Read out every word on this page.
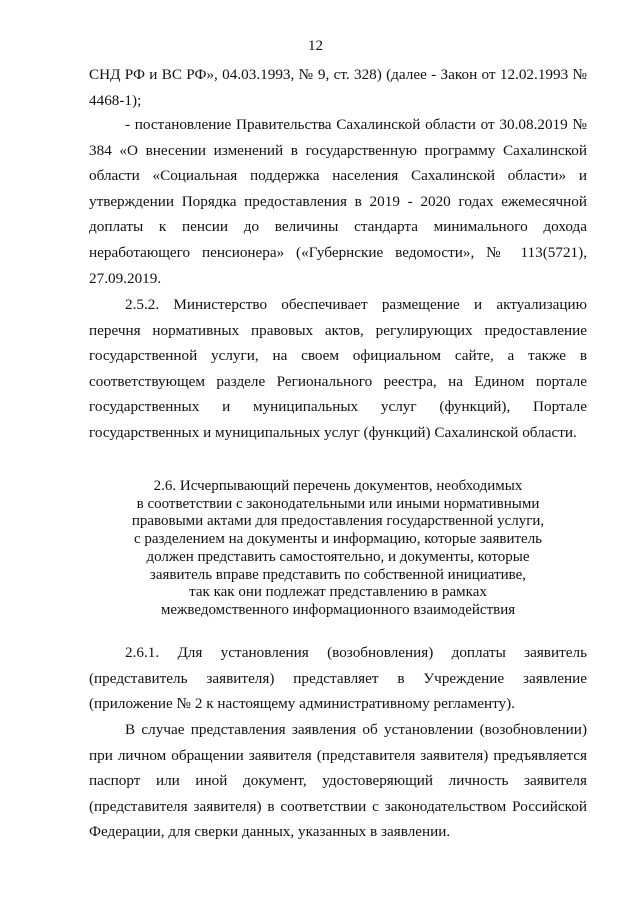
12

СНД РФ и ВС РФ», 04.03.1993, № 9, ст. 328) (далее - Закон от 12.02.1993 № 4468-1);

- постановление Правительства Сахалинской области от 30.08.2019 № 384 «О внесении изменений в государственную программу Сахалинской области «Социальная поддержка населения Сахалинской области» и утверждении Порядка предоставления в 2019 - 2020 годах ежемесячной доплаты к пенсии до величины стандарта минимального дохода неработающего пенсионера» («Губернские ведомости», № 113(5721), 27.09.2019.

2.5.2. Министерство обеспечивает размещение и актуализацию перечня нормативных правовых актов, регулирующих предоставление государственной услуги, на своем официальном сайте, а также в соответствующем разделе Регионального реестра, на Едином портале государственных и муниципальных услуг (функций), Портале государственных и муниципальных услуг (функций) Сахалинской области.

2.6. Исчерпывающий перечень документов, необходимых
в соответствии с законодательными или иными нормативными
правовыми актами для предоставления государственной услуги,
с разделением на документы и информацию, которые заявитель
должен представить самостоятельно, и документы, которые
заявитель вправе представить по собственной инициативе,
так как они подлежат представлению в рамках
межведомственного информационного взаимодействия

2.6.1. Для установления (возобновления) доплаты заявитель (представитель заявителя) представляет в Учреждение заявление (приложение № 2 к настоящему административному регламенту).

В случае представления заявления об установлении (возобновлении) при личном обращении заявителя (представителя заявителя) предъявляется паспорт или иной документ, удостоверяющий личность заявителя (представителя заявителя) в соответствии с законодательством Российской Федерации, для сверки данных, указанных в заявлении.
